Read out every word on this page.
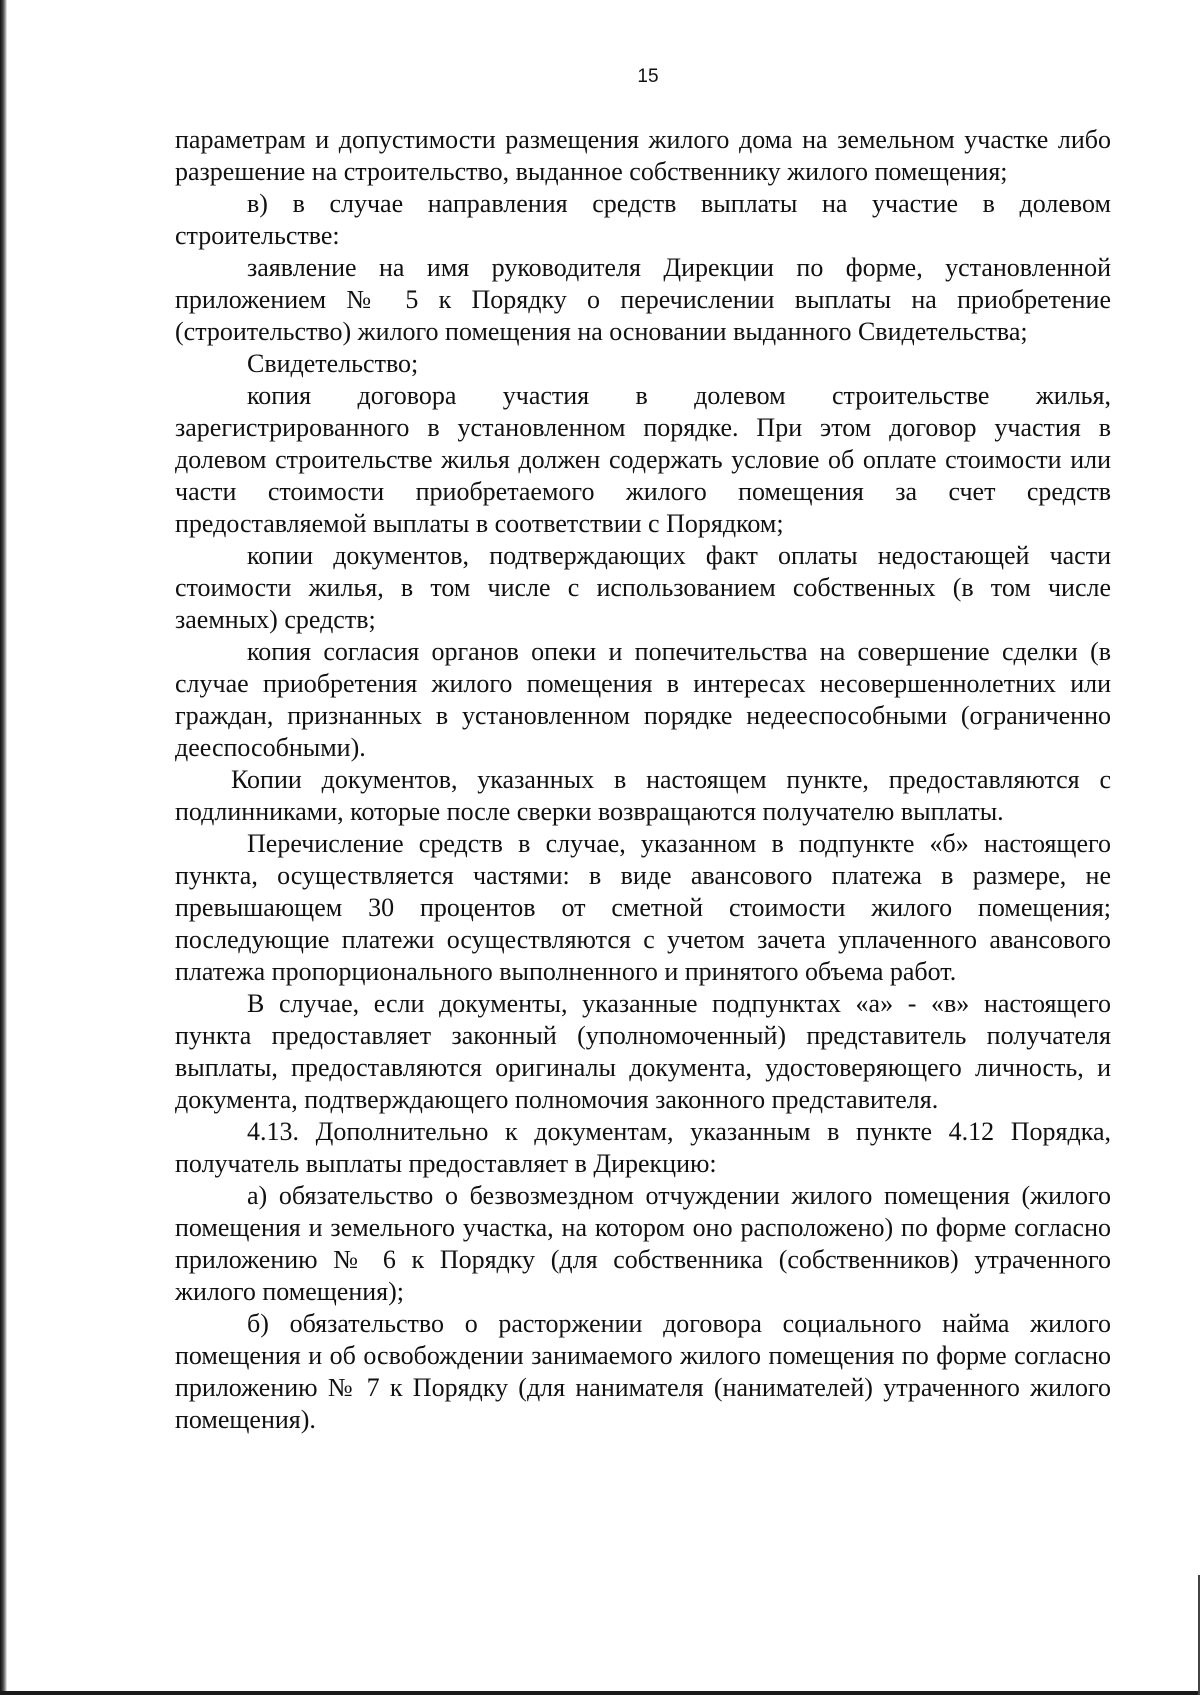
15

параметрам и допустимости размещения жилого дома на земельном участке либо разрешение на строительство, выданное собственнику жилого помещения;

в) в случае направления средств выплаты на участие в долевом строительстве:

заявление на имя руководителя Дирекции по форме, установленной приложением № 5 к Порядку о перечислении выплаты на приобретение (строительство) жилого помещения на основании выданного Свидетельства;

Свидетельство;

копия договора участия в долевом строительстве жилья, зарегистрированного в установленном порядке. При этом договор участия в долевом строительстве жилья должен содержать условие об оплате стоимости или части стоимости приобретаемого жилого помещения за счет средств предоставляемой выплаты в соответствии с Порядком;

копии документов, подтверждающих факт оплаты недостающей части стоимости жилья, в том числе с использованием собственных (в том числе заемных) средств;

копия согласия органов опеки и попечительства на совершение сделки (в случае приобретения жилого помещения в интересах несовершеннолетних или граждан, признанных в установленном порядке недееспособными (ограниченно дееспособными).

Копии документов, указанных в настоящем пункте, предоставляются с подлинниками, которые после сверки возвращаются получателю выплаты.

Перечисление средств в случае, указанном в подпункте «б» настоящего пункта, осуществляется частями: в виде авансового платежа в размере, не превышающем 30 процентов от сметной стоимости жилого помещения; последующие платежи осуществляются с учетом зачета уплаченного авансового платежа пропорционального выполненного и принятого объема работ.

В случае, если документы, указанные подпунктах «а» - «в» настоящего пункта предоставляет законный (уполномоченный) представитель получателя выплаты, предоставляются оригиналы документа, удостоверяющего личность, и документа, подтверждающего полномочия законного представителя.

4.13. Дополнительно к документам, указанным в пункте 4.12 Порядка, получатель выплаты предоставляет в Дирекцию:

а) обязательство о безвозмездном отчуждении жилого помещения (жилого помещения и земельного участка, на котором оно расположено) по форме согласно приложению № 6 к Порядку (для собственника (собственников) утраченного жилого помещения);

б) обязательство о расторжении договора социального найма жилого помещения и об освобождении занимаемого жилого помещения по форме согласно приложению № 7 к Порядку (для нанимателя (нанимателей) утраченного жилого помещения).
